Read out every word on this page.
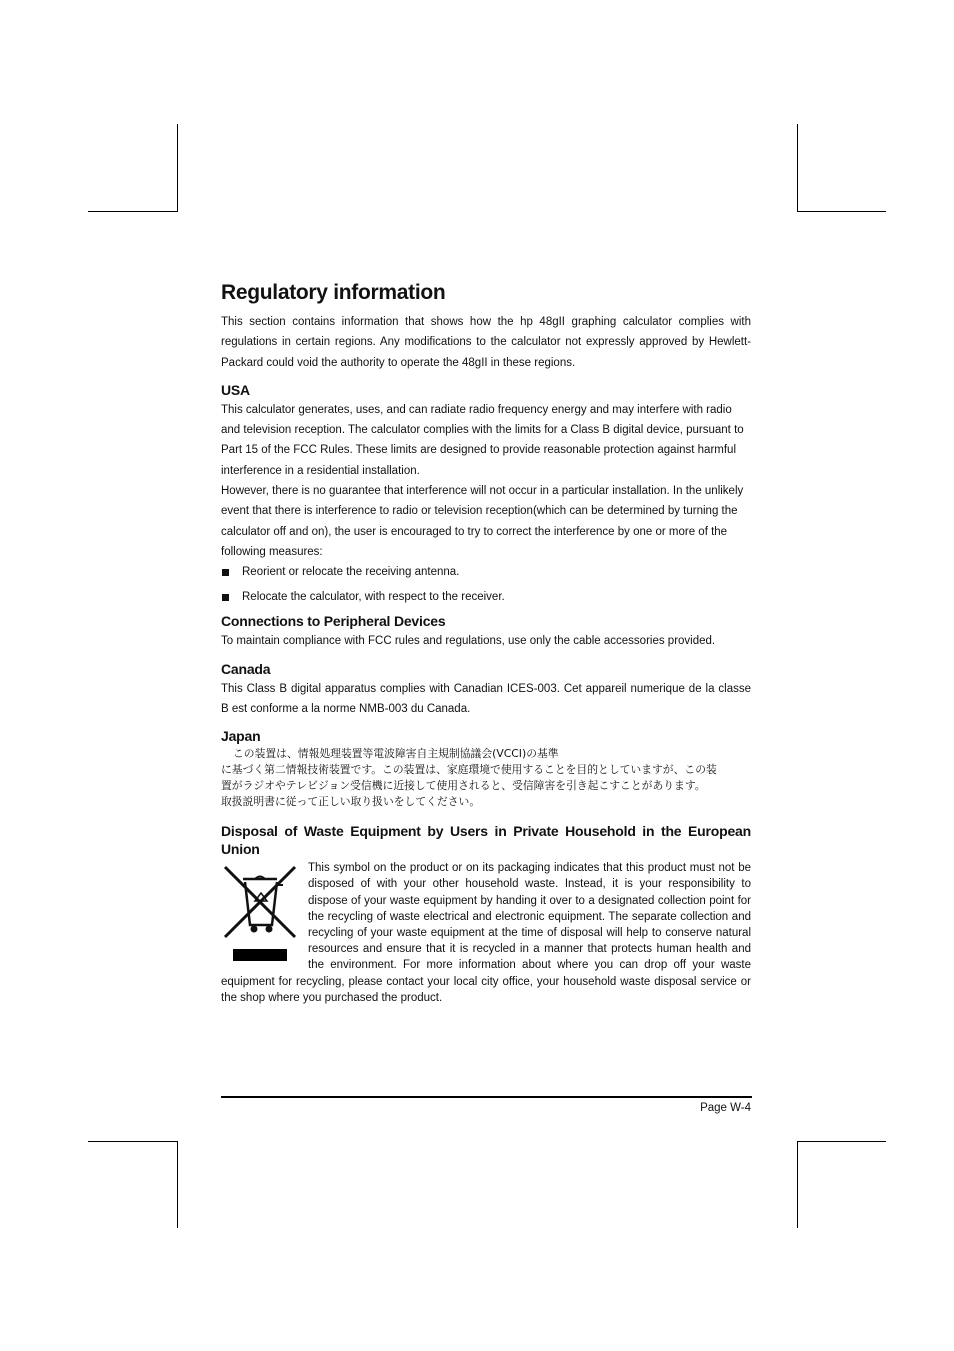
Regulatory information

This section contains information that shows how the hp 48gII graphing calculator complies with regulations in certain regions. Any modifications to the calculator not expressly approved by Hewlett-Packard could void the authority to operate the 48gII in these regions.

USA

This calculator generates, uses, and can radiate radio frequency energy and may interfere with radio and television reception. The calculator complies with the limits for a Class B digital device, pursuant to Part 15 of the FCC Rules. These limits are designed to provide reasonable protection against harmful interference in a residential installation.

However, there is no guarantee that interference will not occur in a particular installation. In the unlikely event that there is interference to radio or television reception(which can be determined by turning the calculator off and on), the user is encouraged to try to correct the interference by one or more of the following measures:

Reorient or relocate the receiving antenna.
Relocate the calculator, with respect to the receiver.
Connections to Peripheral Devices

To maintain compliance with FCC rules and regulations, use only the cable accessories provided.

Canada

This Class B digital apparatus complies with Canadian ICES-003. Cet appareil numerique de la classe B est conforme a la norme NMB-003 du Canada.

Japan

この装置は、情報処理装置等電波障害自主規制協議会(VCCI)の基準

に基づく第二情報技術装置です。この装置は、家庭環境で使用することを目的としていますが、この装

置がラジオやテレビジョン受信機に近接して使用されると、受信障害を引き起こすことがあります。

取扱説明書に従って正しい取り扱いをしてください。

Disposal of Waste Equipment by Users in Private Household in the European Union

This symbol on the product or on its packaging indicates that this product must not be disposed of with your other household waste. Instead, it is your responsibility to dispose of your waste equipment by handing it over to a designated collection point for the recycling of waste electrical and electronic equipment. The separate collection and recycling of your waste equipment at the time of disposal will help to conserve natural resources and ensure that it is recycled in a manner that protects human health and the environment. For more information about where you can drop off your waste equipment for recycling, please contact your local city office, your household waste disposal service or the shop where you purchased the product.

Page W-4
